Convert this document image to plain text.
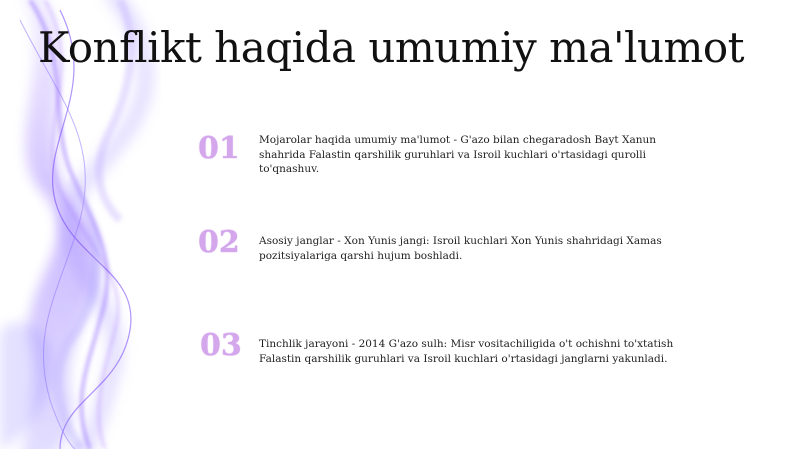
Konflikt haqida umumiy ma'lumot
01	Mojarolar haqida umumiy ma'lumot - G'azo bilan chegaradosh Bayt Xanun shahrida Falastin qarshilik guruhlari va Isroil kuchlari o'rtasidagi qurolli to'qnashuv.
02	Asosiy janglar - Xon Yunis jangi: Isroil kuchlari Xon Yunis shahridagi Xamas pozitsiyalariga qarshi hujum boshladi.
03	Tinchlik jarayoni - 2014 G'azo sulh: Misr vositachiligida o't ochishni to'xtatish Falastin qarshilik guruhlari va Isroil kuchlari o'rtasidagi janglarni yakunladi.
